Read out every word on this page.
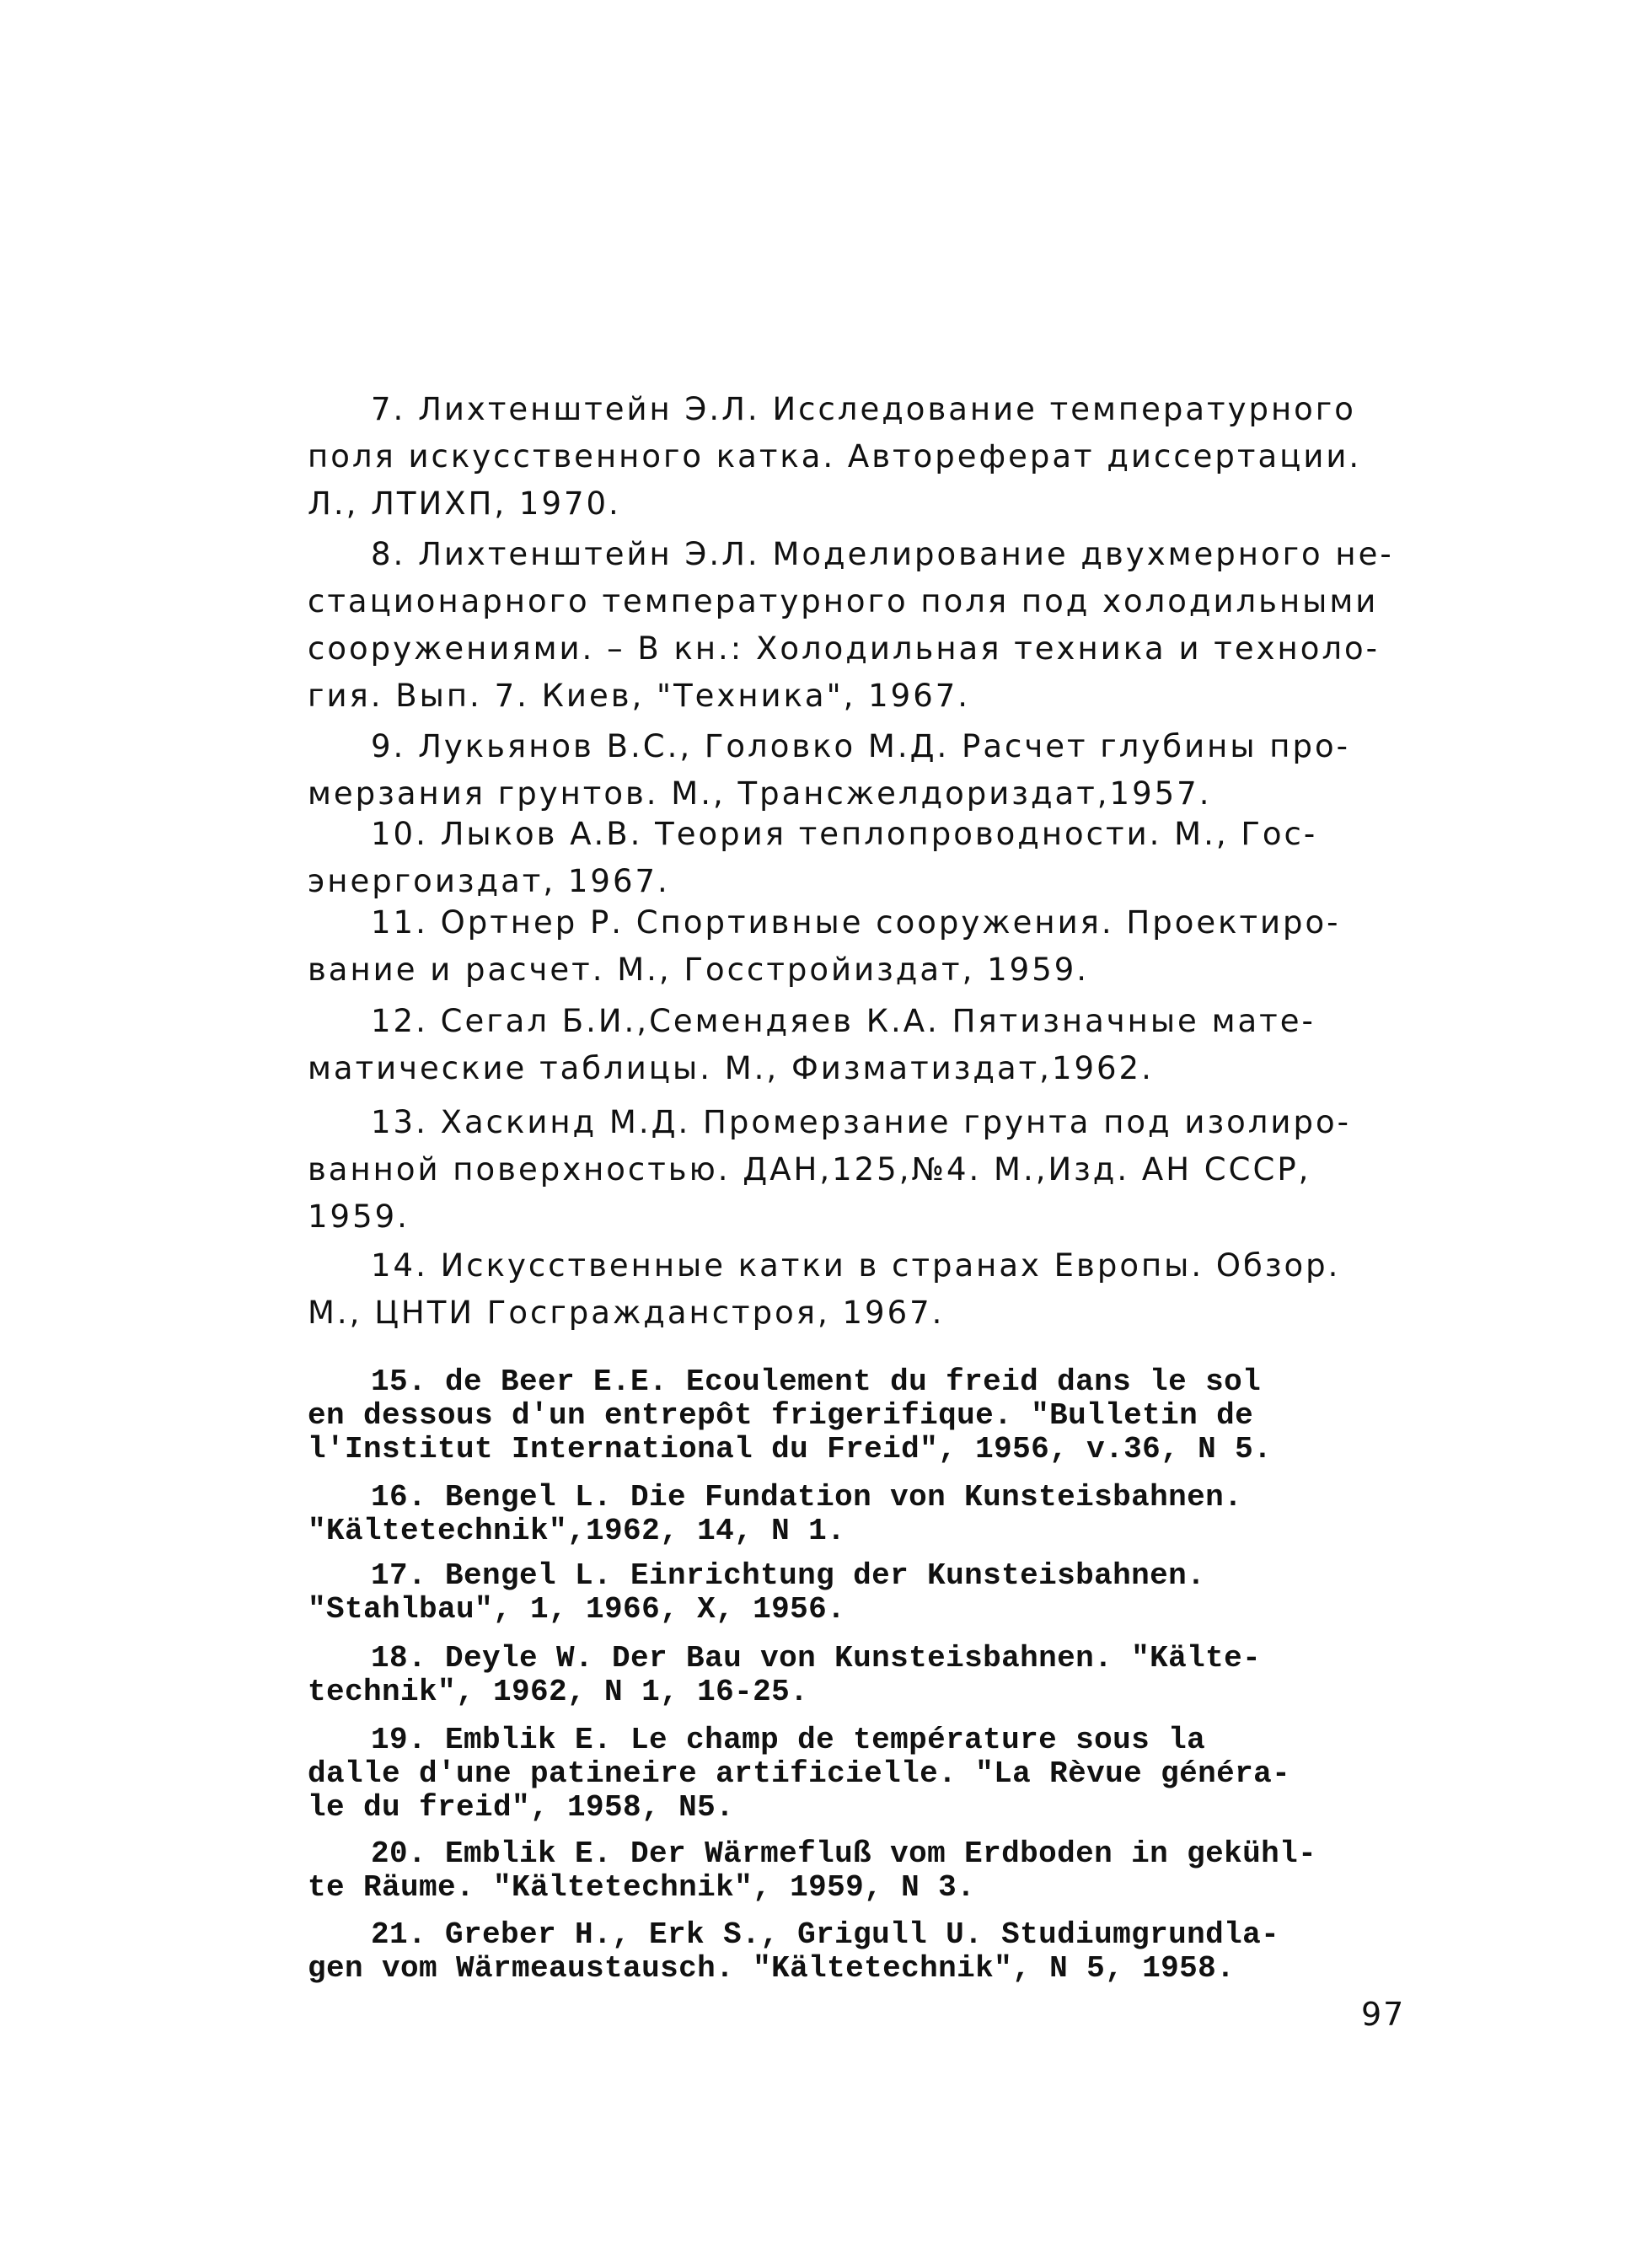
7. Лихтенштейн Э.Л. Исследование температурного
поля искусственного катка. Автореферат диссертации.
Л., ЛТИХП, 1970.
8. Лихтенштейн Э.Л. Моделирование двухмерного не-
стационарного температурного поля под холодильными
сооружениями. – В кн.: Холодильная техника и техноло-
гия. Вып. 7. Киев, "Техника", 1967.
9. Лукьянов В.С., Головко М.Д. Расчет глубины про-
мерзания грунтов. М., Трансжелдориздат,1957.
10. Лыков А.В. Теория теплопроводности. М., Гос-
энергоиздат, 1967.
11. Ортнер Р. Спортивные сооружения. Проектиро-
вание и расчет. М., Госстройиздат, 1959.
12. Сегал Б.И.,Семендяев К.А. Пятизначные мате-
матические таблицы. М., Физматиздат,1962.
13. Хаскинд М.Д. Промерзание грунта под изолиро-
ванной поверхностью. ДАН,125,№4. М.,Изд. АН СССР,
1959.
14. Искусственные катки в странах Европы. Обзор.
М., ЦНТИ Госгражданстроя, 1967.
15. de Beer E.E. Ecoulement du freid dans le sol
en dessous d'un entrepôt frigerifique. "Bulletin de
l'Institut International du Freid", 1956, v.36, N 5.
16. Bengel L. Die Fundation von Kunsteisbahnen.
"Kältetechnik",1962, 14, N 1.
17. Bengel L. Einrichtung der Kunsteisbahnen.
"Stahlbau", 1, 1966, X, 1956.
18. Deyle W. Der Bau von Kunsteisbahnen. "Kälte-
technik", 1962, N 1, 16-25.
19. Emblik E. Le champ de température sous la
dalle d'une patineire artificielle. "La Rèvue généra-
le du freid", 1958, N5.
20. Emblik E. Der Wärmefluß vom Erdboden in gekühl-
te Räume. "Kältetechnik", 1959, N 3.
21. Greber H., Erk S., Grigull U. Studiumgrundla-
gen vom Wärmeaustausch. "Kältetechnik", N 5, 1958.
97
